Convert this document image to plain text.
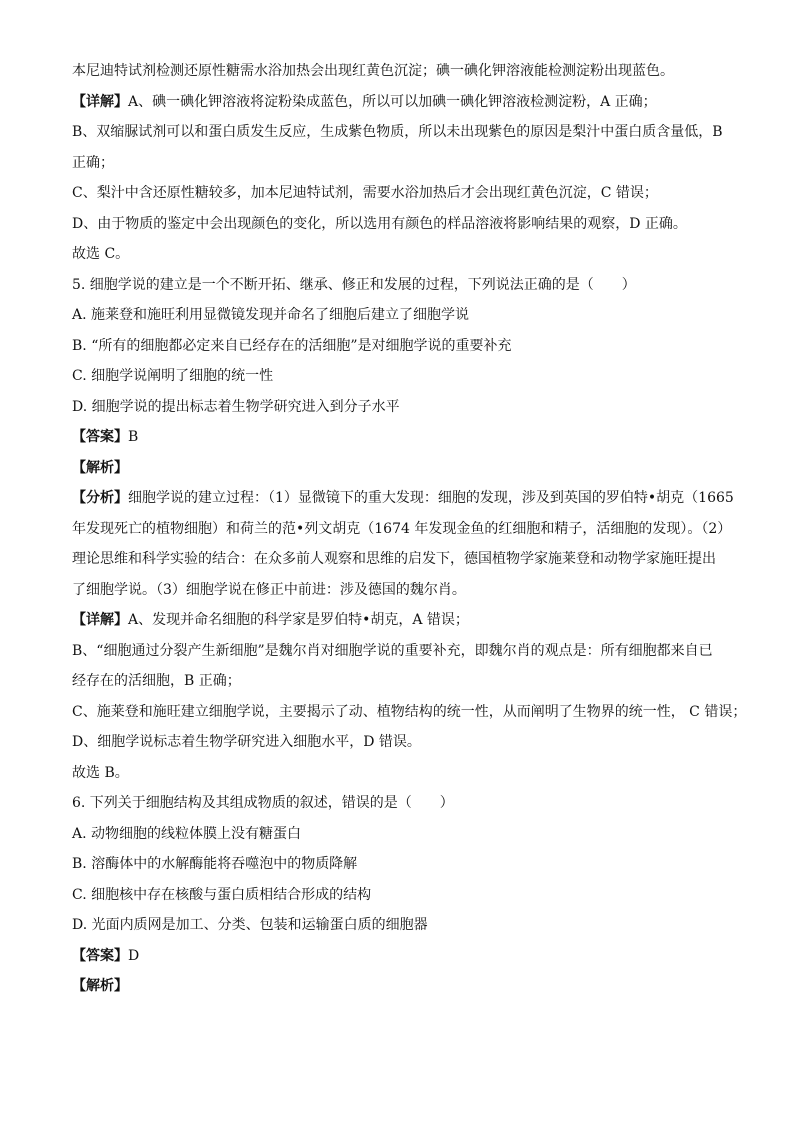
本尼迪特试剂检测还原性糖需水浴加热会出现红黄色沉淀；碘一碘化钾溶液能检测淀粉出现蓝色。

【详解】A、碘一碘化钾溶液将淀粉染成蓝色，所以可以加碘一碘化钾溶液检测淀粉，A 正确；

B、双缩脲试剂可以和蛋白质发生反应，生成紫色物质，所以未出现紫色的原因是梨汁中蛋白质含量低，B

正确；

C、梨汁中含还原性糖较多，加本尼迪特试剂，需要水浴加热后才会出现红黄色沉淀，C 错误；

D、由于物质的鉴定中会出现颜色的变化，所以选用有颜色的样品溶液将影响结果的观察，D 正确。

故选 C。

5. 细胞学说的建立是一个不断开拓、继承、修正和发展的过程，下列说法正确的是（　　）

A. 施莱登和施旺利用显微镜发现并命名了细胞后建立了细胞学说

B. “所有的细胞都必定来自已经存在的活细胞”是对细胞学说的重要补充

C. 细胞学说阐明了细胞的统一性

D. 细胞学说的提出标志着生物学研究进入到分子水平

【答案】B

【解析】

【分析】细胞学说的建立过程：（1）显微镜下的重大发现：细胞的发现，涉及到英国的罗伯特•胡克（1665

年发现死亡的植物细胞）和荷兰的范•列文胡克（1674 年发现金鱼的红细胞和精子，活细胞的发现）。（2）

理论思维和科学实验的结合：在众多前人观察和思维的启发下，德国植物学家施莱登和动物学家施旺提出

了细胞学说。（3）细胞学说在修正中前进：涉及德国的魏尔肖。

【详解】A、发现并命名细胞的科学家是罗伯特•胡克，A 错误；

B、“细胞通过分裂产生新细胞”是魏尔肖对细胞学说的重要补充，即魏尔肖的观点是：所有细胞都来自已

经存在的活细胞，B 正确；

C、施莱登和施旺建立细胞学说，主要揭示了动、植物结构的统一性，从而阐明了生物界的统一性， C 错误；

D、细胞学说标志着生物学研究进入细胞水平，D 错误。

故选 B。

6. 下列关于细胞结构及其组成物质的叙述，错误的是（　　）

A. 动物细胞的线粒体膜上没有糖蛋白

B. 溶酶体中的水解酶能将吞噬泡中的物质降解

C. 细胞核中存在核酸与蛋白质相结合形成的结构

D. 光面内质网是加工、分类、包装和运输蛋白质的细胞器

【答案】D

【解析】
